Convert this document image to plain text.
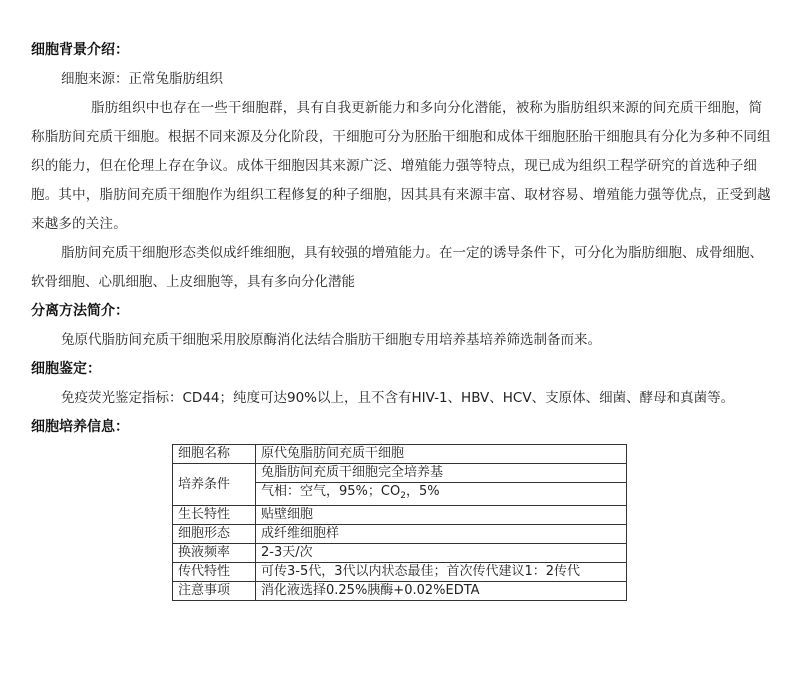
细胞背景介绍：
细胞来源：正常兔脂肪组织
脂肪组织中也存在一些干细胞群，具有自我更新能力和多向分化潜能，被称为脂肪组织来源的间充质干细胞，简称脂肪间充质干细胞。根据不同来源及分化阶段，干细胞可分为胚胎干细胞和成体干细胞胚胎干细胞具有分化为多种不同组织的能力，但在伦理上存在争议。成体干细胞因其来源广泛、增殖能力强等特点，现已成为组织工程学研究的首选种子细胞。其中，脂肪间充质干细胞作为组织工程修复的种子细胞，因其具有来源丰富、取材容易、增殖能力强等优点，正受到越来越多的关注。
脂肪间充质干细胞形态类似成纤维细胞，具有较强的增殖能力。在一定的诱导条件下，可分化为脂肪细胞、成骨细胞、软骨细胞、心肌细胞、上皮细胞等，具有多向分化潜能
分离方法简介：
兔原代脂肪间充质干细胞采用胶原酶消化法结合脂肪干细胞专用培养基培养筛选制备而来。
细胞鉴定：
免疫荧光鉴定指标：CD44；纯度可达90%以上，且不含有HIV-1、HBV、HCV、支原体、细菌、酵母和真菌等。
细胞培养信息：
细胞名称	原代兔脂肪间充质干细胞
培养条件	兔脂肪间充质干细胞完全培养基
	气相：空气，95%；$CO_2$，5%
生长特性	贴壁细胞
细胞形态	成纤维细胞样
换液频率	2-3天/次
传代特性	可传3-5代，3代以内状态最佳；首次传代建议1：2传代
注意事项	消化液选择0.25%胰酶+0.02%EDTA
